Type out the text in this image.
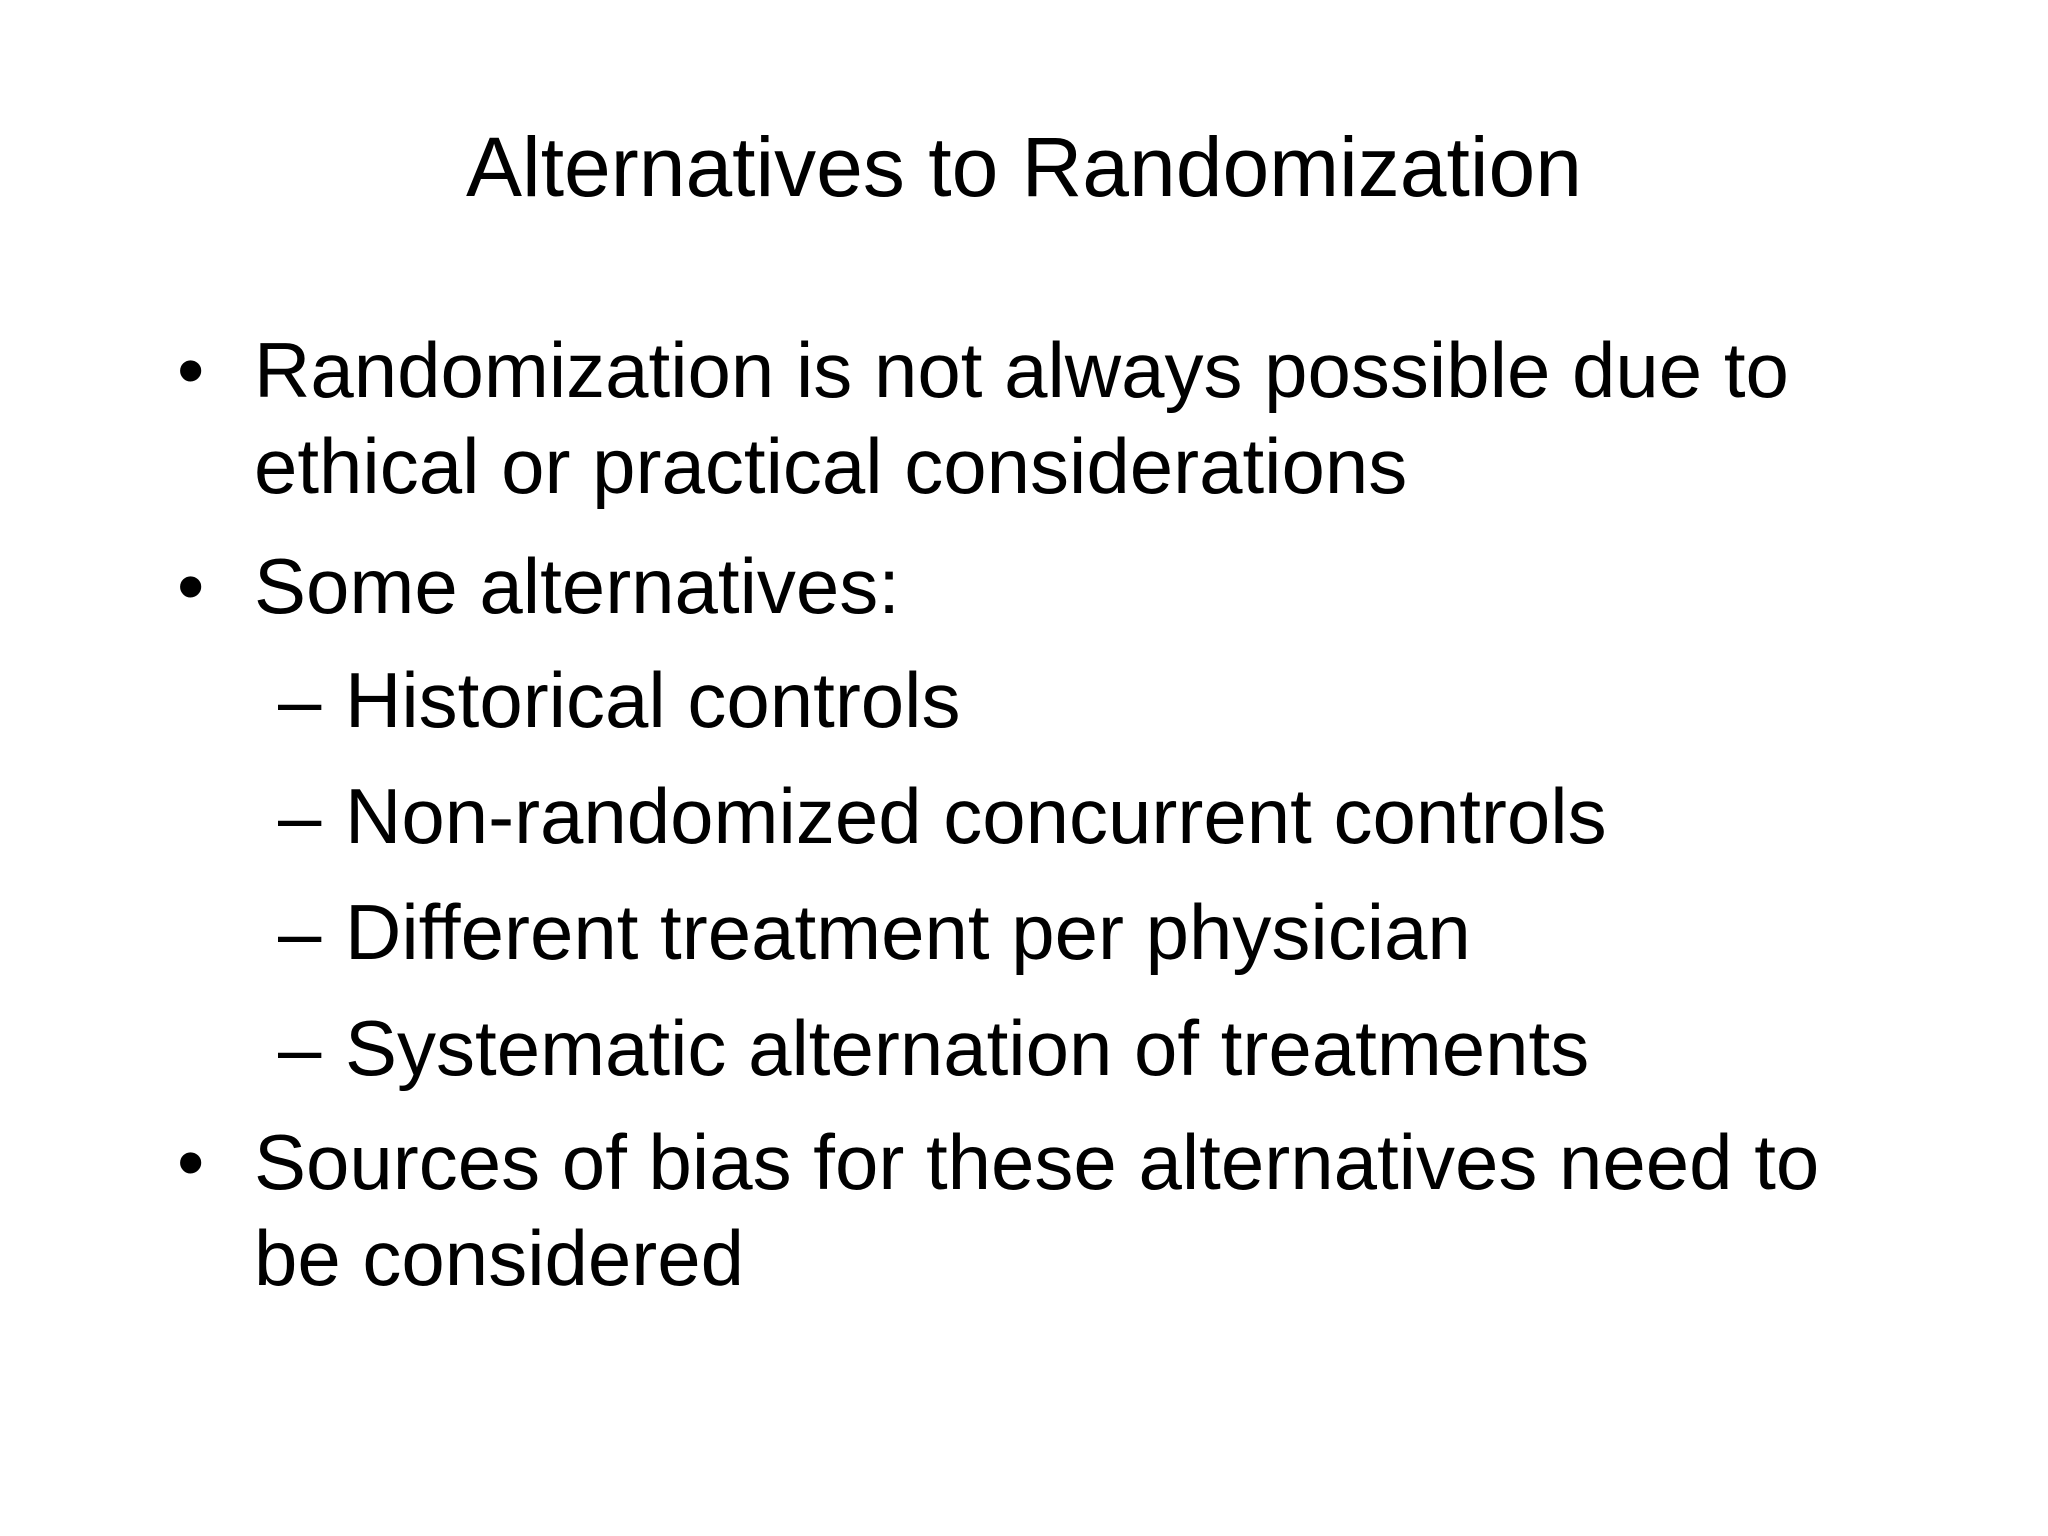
Alternatives to Randomization
• Randomization is not always possible due to
ethical or practical considerations
• Some alternatives:
– Historical controls
– Non-randomized concurrent controls
– Different treatment per physician
– Systematic alternation of treatments
• Sources of bias for these alternatives need to
be considered
